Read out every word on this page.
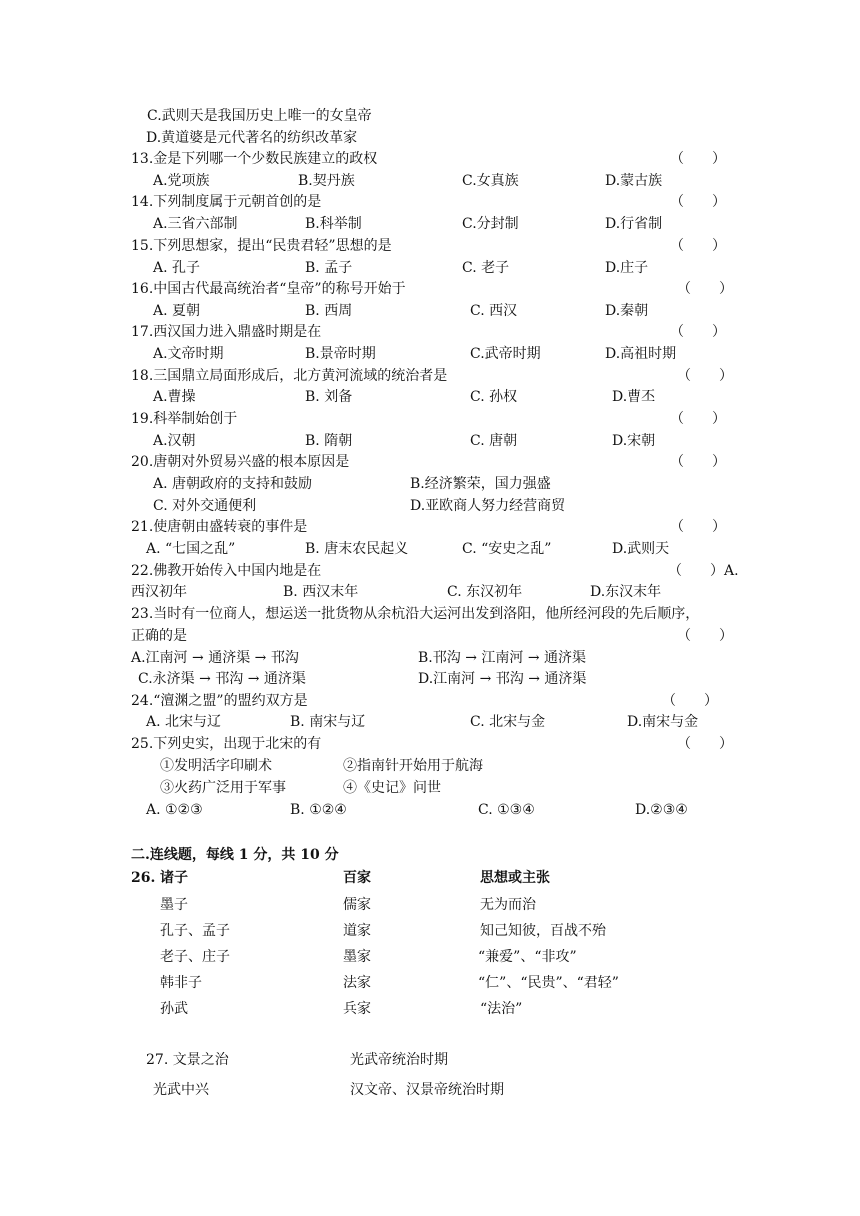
C.武则天是我国历史上唯一的女皇帝
D.黄道婆是元代著名的纺织改革家
13.金是下列哪一个少数民族建立的政权	（　　）
A.党项族	B.契丹族	C.女真族	D.蒙古族
14.下列制度属于元朝首创的是	（　　）
A.三省六部制	B.科举制	C.分封制	D.行省制
15.下列思想家，提出“民贵君轻”思想的是	（　　）
A. 孔子	B. 孟子	C. 老子	D.庄子
16.中国古代最高统治者“皇帝”的称号开始于	（　　）
A. 夏朝	B. 西周	C. 西汉	D.秦朝
17.西汉国力进入鼎盛时期是在	（　　）
A.文帝时期	B.景帝时期	C.武帝时期	D.高祖时期
18.三国鼎立局面形成后，北方黄河流域的统治者是	（　　）
A.曹操	B. 刘备	C. 孙权	D.曹丕
19.科举制始创于	（　　）
A.汉朝	B. 隋朝	C. 唐朝	D.宋朝
20.唐朝对外贸易兴盛的根本原因是	（　　）
A. 唐朝政府的支持和鼓励	B.经济繁荣，国力强盛
C. 对外交通便利	D.亚欧商人努力经营商贸
21.使唐朝由盛转衰的事件是	（　　）
A. “七国之乱”	B. 唐末农民起义	C. “安史之乱”	D.武则天
22.佛教开始传入中国内地是在	（　　）A.
西汉初年	B. 西汉末年	C. 东汉初年	D.东汉末年
23.当时有一位商人，想运送一批货物从余杭沿大运河出发到洛阳，他所经河段的先后顺序，
正确的是	（　　）
A.江南河 → 通济渠 → 邗沟	B.邗沟 → 江南河 → 通济渠
C.永济渠 → 邗沟 → 通济渠	D.江南河 → 邗沟 → 通济渠
24.“澶渊之盟”的盟约双方是	（　　）
A. 北宋与辽	B. 南宋与辽	C. 北宋与金	D.南宋与金
25.下列史实，出现于北宋的有	（　　）
①发明活字印刷术	②指南针开始用于航海
③火药广泛用于军事	④《史记》问世
A. ①②③	B. ①②④	C. ①③④	D.②③④
二.连线题，每线 1 分，共 10 分
26. 诸子	百家	思想或主张
墨子	儒家	无为而治
孔子、孟子	道家	知己知彼，百战不殆
老子、庄子	墨家	“兼爱”、“非攻”
韩非子	法家	“仁”、“民贵”、“君轻”
孙武	兵家	“法治”
27. 文景之治	光武帝统治时期
光武中兴	汉文帝、汉景帝统治时期
